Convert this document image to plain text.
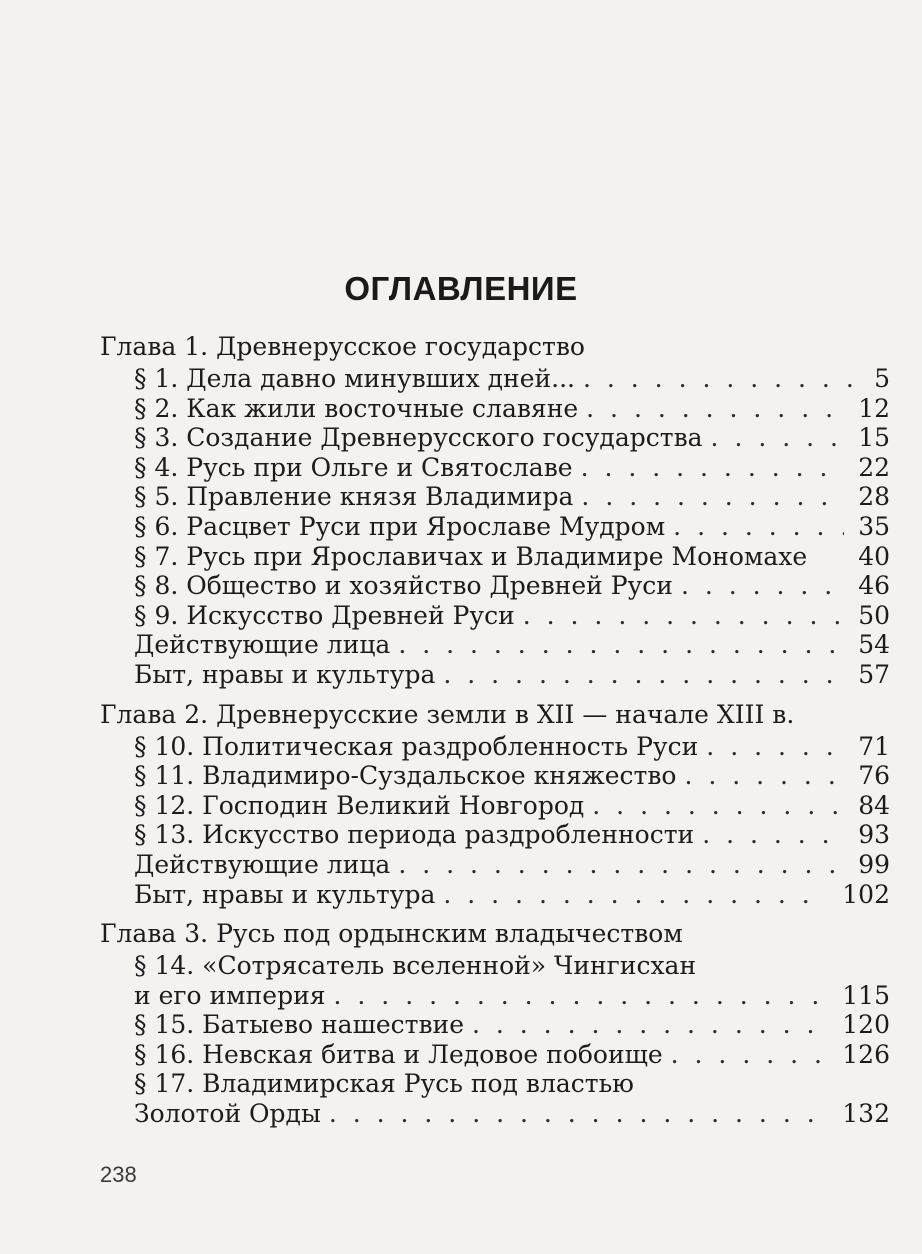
ОГЛАВЛЕНИЕ
Глава 1. Древнерусское государство
§ 1. Дела давно минувших дней... . . .	5
§ 2. Как жили восточные славяне . . .	12
§ 3. Создание Древнерусского государства . . .	15
§ 4. Русь при Ольге и Святославе . . .	22
§ 5. Правление князя Владимира . . .	28
§ 6. Расцвет Руси при Ярославе Мудром . . .	35
§ 7. Русь при Ярославичах и Владимире Мономахе 40
§ 8. Общество и хозяйство Древней Руси . . .	46
§ 9. Искусство Древней Руси . . .	50
Действующие лица . . .	54
Быт, нравы и культура . . .	57
Глава 2. Древнерусские земли в XII — начале XIII в.
§ 10. Политическая раздробленность Руси . . .	71
§ 11. Владимиро-Суздальское княжество . . .	76
§ 12. Господин Великий Новгород . . .	84
§ 13. Искусство периода раздробленности . . .	93
Действующие лица . . .	99
Быт, нравы и культура . . .	102
Глава 3. Русь под ордынским владычеством
§ 14. «Сотрясатель вселенной» Чингисхан
и его империя . . .	115
§ 15. Батыево нашествие . . .	120
§ 16. Невская битва и Ледовое побоище . . .	126
§ 17. Владимирская Русь под властью
Золотой Орды . . .	132
238
